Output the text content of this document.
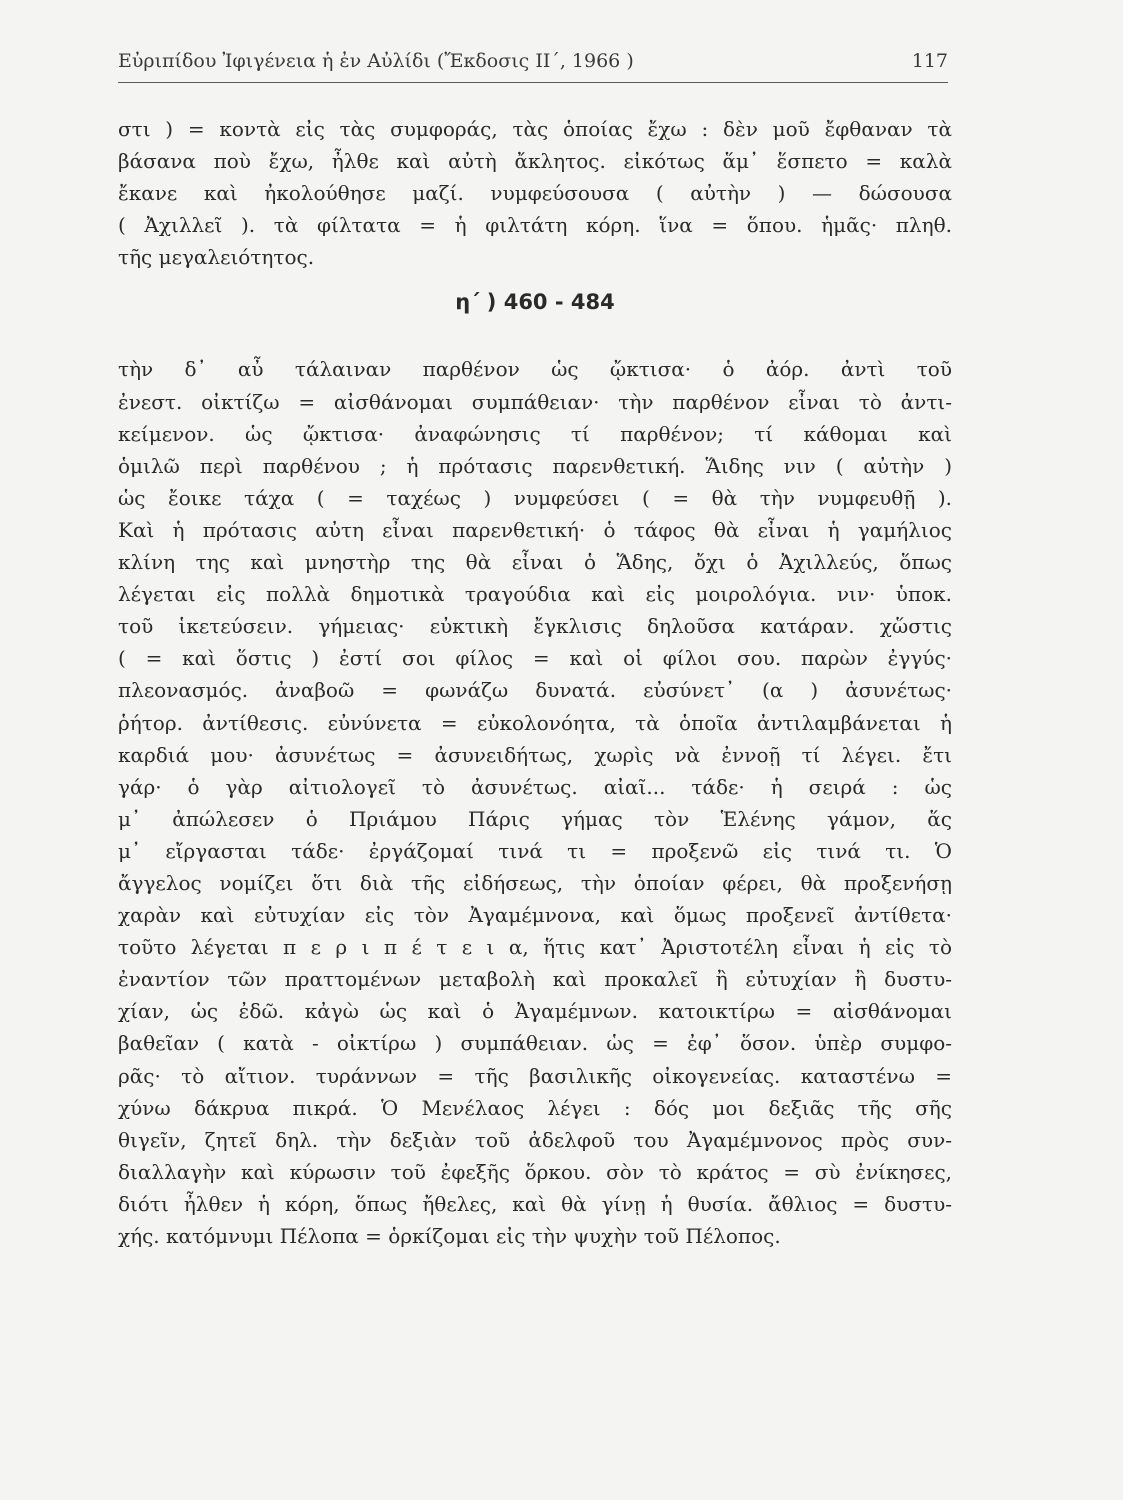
Εὐριπίδου Ἰφιγένεια ἡ ἐν Αὐλίδι (Ἔκδοσις ΙΙ΄, 1966 )	117
στι ) = κοντὰ εἰς τὰς συμφοράς, τὰς ὁποίας ἔχω : δὲν μοῦ ἔφθαναν τὰ
βάσανα ποὺ ἔχω, ἦλθε καὶ αὐτὴ ἄκλητος. εἰκότως ἅμ᾽ ἕσπετο = καλὰ
ἔκανε καὶ ἠκολούθησε μαζί. νυμφεύσουσα ( αὐτὴν ) — δώσουσα
( Ἀχιλλεῖ ). τὰ φίλτατα = ἡ φιλτάτη κόρη. ἵνα = ὅπου. ἡμᾶς· πληθ.
τῆς μεγαλειότητος.
η΄ ) 460 - 484
τὴν δ᾽ αὖ τάλαιναν παρθένον ὡς ᾤκτισα· ὁ ἀόρ. ἀντὶ τοῦ
ἐνεστ. οἰκτίζω = αἰσθάνομαι συμπάθειαν· τὴν παρθένον εἶναι τὸ ἀντι-
κείμενον. ὡς ᾤκτισα· ἀναφώνησις τί παρθένον; τί κάθομαι καὶ
ὁμιλῶ περὶ παρθένου ; ἡ πρότασις παρενθετική. Ἅιδης νιν ( αὐτὴν )
ὡς ἔοικε τάχα ( = ταχέως ) νυμφεύσει ( = θὰ τὴν νυμφευθῇ ).
Καὶ ἡ πρότασις αὐτη εἶναι παρενθετική· ὁ τάφος θὰ εἶναι ἡ γαμήλιος
κλίνη της καὶ μνηστὴρ της θὰ εἶναι ὁ Ἅδης, ὄχι ὁ Ἀχιλλεύς, ὅπως
λέγεται εἰς πολλὰ δημοτικὰ τραγούδια καὶ εἰς μοιρολόγια. νιν· ὑποκ.
τοῦ ἱκετεύσειν. γήμειας· εὐκτικὴ ἔγκλισις δηλοῦσα κατάραν. χὥστις
( = καὶ ὅστις ) ἐστί σοι φίλος = καὶ οἱ φίλοι σου. παρὼν ἐγγύς·
πλεονασμός. ἀναβοῶ = φωνάζω δυνατά. εὐσύνετ᾽ (α ) ἀσυνέτως·
ῥήτορ. ἀντίθεσις. εὐνύνετα = εὐκολονόητα, τὰ ὁποῖα ἀντιλαμβάνεται ἡ
καρδιά μου· ἀσυνέτως = ἀσυνειδήτως, χωρὶς νὰ ἐννοῇ τί λέγει. ἔτι
γάρ· ὁ γὰρ αἰτιολογεῖ τὸ ἀσυνέτως. αἰαῖ... τάδε· ἡ σειρά : ὡς
μ᾽ ἀπώλεσεν ὁ Πριάμου Πάρις γήμας τὸν Ἑλένης γάμον, ἅς
μ᾽ εἴργασται τάδε· ἐργάζομαί τινά τι = προξενῶ εἰς τινά τι. Ὁ
ἄγγελος νομίζει ὅτι διὰ τῆς εἰδήσεως, τὴν ὁποίαν φέρει, θὰ προξενήσῃ
χαρὰν καὶ εὐτυχίαν εἰς τὸν Ἀγαμέμνονα, καὶ ὅμως προξενεῖ ἀντίθετα·
τοῦτο λέγεται π ε ρ ι π έ τ ε ι α, ἥτις κατ᾽ Ἀριστοτέλη εἶναι ἡ εἰς τὸ
ἐναντίον τῶν πραττομένων μεταβολὴ καὶ προκαλεῖ ἢ εὐτυχίαν ἢ δυστυ-
χίαν, ὡς ἐδῶ. κἀγὼ ὡς καὶ ὁ Ἀγαμέμνων. κατοικτίρω = αἰσθάνομαι
βαθεῖαν ( κατὰ - οἰκτίρω ) συμπάθειαν. ὡς = ἐφ᾽ ὅσον. ὑπὲρ συμφο-
ρᾶς· τὸ αἴτιον. τυράννων = τῆς βασιλικῆς οἰκογενείας. καταστένω =
χύνω δάκρυα πικρά. Ὁ Μενέλαος λέγει : δός μοι δεξιᾶς τῆς σῆς
θιγεῖν, ζητεῖ δηλ. τὴν δεξιὰν τοῦ ἀδελφοῦ του Ἀγαμέμνονος πρὸς συν-
διαλλαγὴν καὶ κύρωσιν τοῦ ἐφεξῆς ὅρκου. σὸν τὸ κράτος = σὺ ἐνίκησες,
διότι ἦλθεν ἡ κόρη, ὅπως ἤθελες, καὶ θὰ γίνῃ ἡ θυσία. ἄθλιος = δυστυ-
χής. κατόμνυμι Πέλοπα = ὁρκίζομαι εἰς τὴν ψυχὴν τοῦ Πέλοπος.
